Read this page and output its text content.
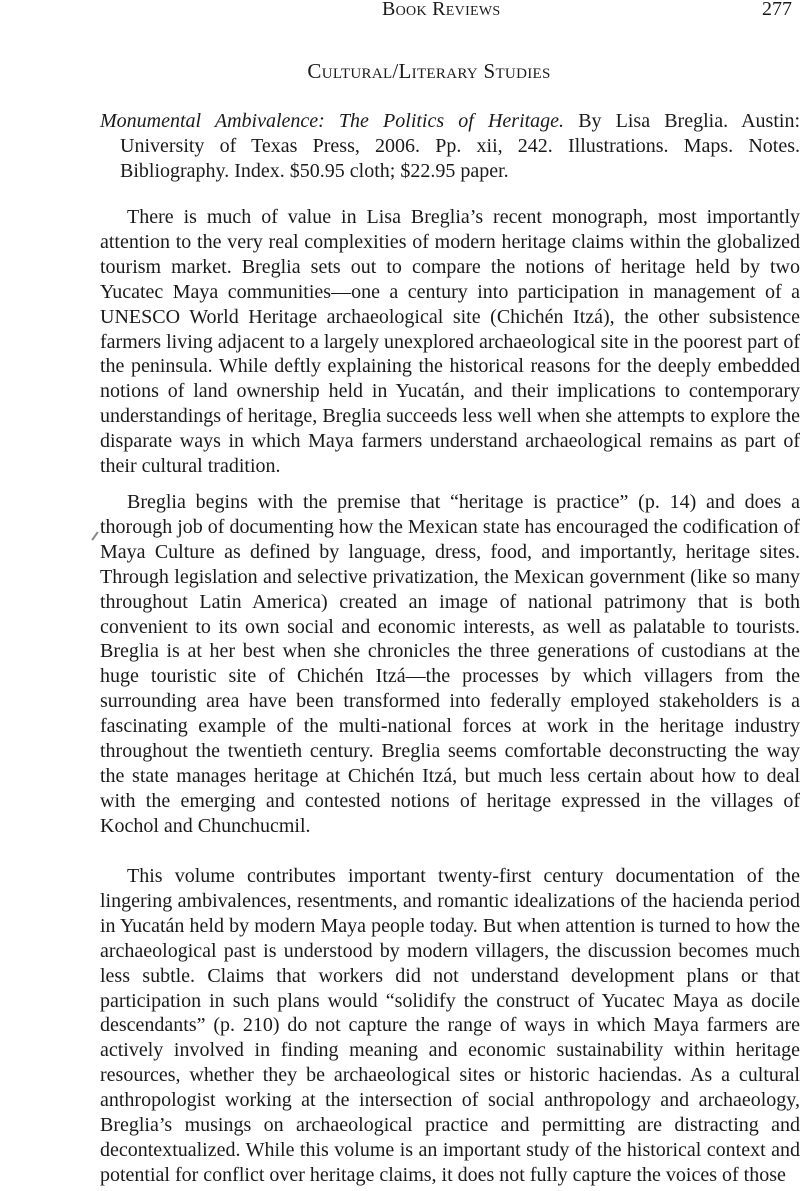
Book Reviews	277
Cultural/Literary Studies
Monumental Ambivalence: The Politics of Heritage. By Lisa Breglia. Austin: University of Texas Press, 2006. Pp. xii, 242. Illustrations. Maps. Notes. Bibliography. Index. $50.95 cloth; $22.95 paper.

There is much of value in Lisa Breglia’s recent monograph, most importantly attention to the very real complexities of modern heritage claims within the globalized tourism market. Breglia sets out to compare the notions of heritage held by two Yucatec Maya communities—one a century into participation in management of a UNESCO World Heritage archaeological site (Chichén Itzá), the other subsistence farmers living adjacent to a largely unexplored archaeological site in the poorest part of the peninsula. While deftly explaining the historical reasons for the deeply embedded notions of land ownership held in Yucatán, and their implications to contemporary understandings of heritage, Breglia succeeds less well when she attempts to explore the disparate ways in which Maya farmers understand archaeological remains as part of their cultural tradition.

Breglia begins with the premise that “heritage is practice” (p. 14) and does a thorough job of documenting how the Mexican state has encouraged the codification of Maya Culture as defined by language, dress, food, and importantly, heritage sites. Through legislation and selective privatization, the Mexican government (like so many throughout Latin America) created an image of national patrimony that is both convenient to its own social and economic interests, as well as palatable to tourists. Breglia is at her best when she chronicles the three generations of custodians at the huge touristic site of Chichén Itzá—the processes by which villagers from the surrounding area have been transformed into federally employed stakeholders is a fascinating example of the multi-national forces at work in the heritage industry throughout the twentieth century. Breglia seems comfortable deconstructing the way the state manages heritage at Chichén Itzá, but much less certain about how to deal with the emerging and contested notions of heritage expressed in the villages of Kochol and Chunchucmil.

This volume contributes important twenty-first century documentation of the lingering ambivalences, resentments, and romantic idealizations of the hacienda period in Yucatán held by modern Maya people today. But when attention is turned to how the archaeological past is understood by modern villagers, the discussion becomes much less subtle. Claims that workers did not understand development plans or that participation in such plans would “solidify the construct of Yucatec Maya as docile descendants” (p. 210) do not capture the range of ways in which Maya farmers are actively involved in finding meaning and economic sustainability within heritage resources, whether they be archaeological sites or historic haciendas. As a cultural anthropologist working at the intersection of social anthropology and archaeology, Breglia’s musings on archaeological practice and permitting are distracting and decontextualized. While this volume is an important study of the historical context and potential for conflict over heritage claims, it does not fully capture the voices of those
